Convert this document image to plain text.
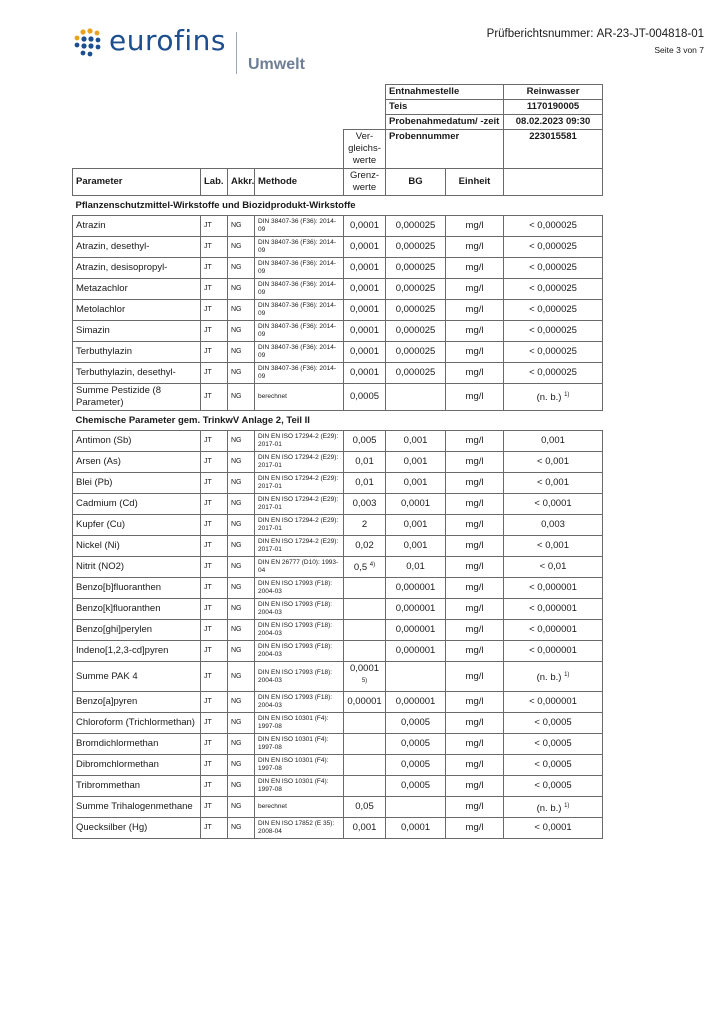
eurofins
Umwelt
Prüfberichtsnummer: AR-23-JT-004818-01
Seite 3 von 7
					Entnahmestelle		Reinwasser
					Teis		1170190005
					Probenahmedatum/ -zeit		08.02.2023 09:30
				Ver-
gleichs-
werte	Probennummer		223015581
Parameter	Lab.	Akkr.	Methode	Grenz-
werte	BG	Einheit	
Pflanzenschutzmittel-Wirkstoffe und Biozidprodukt-Wirkstoffe							
Atrazin	JT	NG	DIN 38407-36 (F36): 2014-09	0,0001	0,000025	mg/l	< 0,000025
Atrazin, desethyl-	JT	NG	DIN 38407-36 (F36): 2014-09	0,0001	0,000025	mg/l	< 0,000025
Atrazin, desisopropyl-	JT	NG	DIN 38407-36 (F36): 2014-09	0,0001	0,000025	mg/l	< 0,000025
Metazachlor	JT	NG	DIN 38407-36 (F36): 2014-09	0,0001	0,000025	mg/l	< 0,000025
Metolachlor	JT	NG	DIN 38407-36 (F36): 2014-09	0,0001	0,000025	mg/l	< 0,000025
Simazin	JT	NG	DIN 38407-36 (F36): 2014-09	0,0001	0,000025	mg/l	< 0,000025
Terbuthylazin	JT	NG	DIN 38407-36 (F36): 2014-09	0,0001	0,000025	mg/l	< 0,000025
Terbuthylazin, desethyl-	JT	NG	DIN 38407-36 (F36): 2014-09	0,0001	0,000025	mg/l	< 0,000025
Summe Pestizide (8 Parameter)	JT	NG	berechnet	0,0005		mg/l	(n. b.) $^{1)}$
Chemische Parameter gem. TrinkwV Anlage 2, Teil II							
Antimon (Sb)	JT	NG	DIN EN ISO 17294-2 (E29): 2017-01	0,005	0,001	mg/l	0,001
Arsen (As)	JT	NG	DIN EN ISO 17294-2 (E29): 2017-01	0,01	0,001	mg/l	< 0,001
Blei (Pb)	JT	NG	DIN EN ISO 17294-2 (E29): 2017-01	0,01	0,001	mg/l	< 0,001
Cadmium (Cd)	JT	NG	DIN EN ISO 17294-2 (E29): 2017-01	0,003	0,0001	mg/l	< 0,0001
Kupfer (Cu)	JT	NG	DIN EN ISO 17294-2 (E29): 2017-01	2	0,001	mg/l	0,003
Nickel (Ni)	JT	NG	DIN EN ISO 17294-2 (E29): 2017-01	0,02	0,001	mg/l	< 0,001
Nitrit (NO2)	JT	NG	DIN EN 26777 (D10): 1993-04	0,5 $^{4)}$	0,01	mg/l	< 0,01
Benzo[b]fluoranthen	JT	NG	DIN EN ISO 17993 (F18): 2004-03		0,000001	mg/l	< 0,000001
Benzo[k]fluoranthen	JT	NG	DIN EN ISO 17993 (F18): 2004-03		0,000001	mg/l	< 0,000001
Benzo[ghi]perylen	JT	NG	DIN EN ISO 17993 (F18): 2004-03		0,000001	mg/l	< 0,000001
Indeno[1,2,3-cd]pyren	JT	NG	DIN EN ISO 17993 (F18): 2004-03		0,000001	mg/l	< 0,000001
Summe PAK 4	JT	NG	DIN EN ISO 17993 (F18): 2004-03	0,0001 $^{5)}$		mg/l	(n. b.) $^{1)}$
Benzo[a]pyren	JT	NG	DIN EN ISO 17993 (F18): 2004-03	0,00001	0,000001	mg/l	< 0,000001
Chloroform (Trichlormethan)	JT	NG	DIN EN ISO 10301 (F4): 1997-08		0,0005	mg/l	< 0,0005
Bromdichlormethan	JT	NG	DIN EN ISO 10301 (F4): 1997-08		0,0005	mg/l	< 0,0005
Dibromchlormethan	JT	NG	DIN EN ISO 10301 (F4): 1997-08		0,0005	mg/l	< 0,0005
Tribrommethan	JT	NG	DIN EN ISO 10301 (F4): 1997-08		0,0005	mg/l	< 0,0005
Summe Trihalogenmethane	JT	NG	berechnet	0,05		mg/l	(n. b.) $^{1)}$
Quecksilber (Hg)	JT	NG	DIN EN ISO 17852 (E 35): 2008-04	0,001	0,0001	mg/l	< 0,0001
